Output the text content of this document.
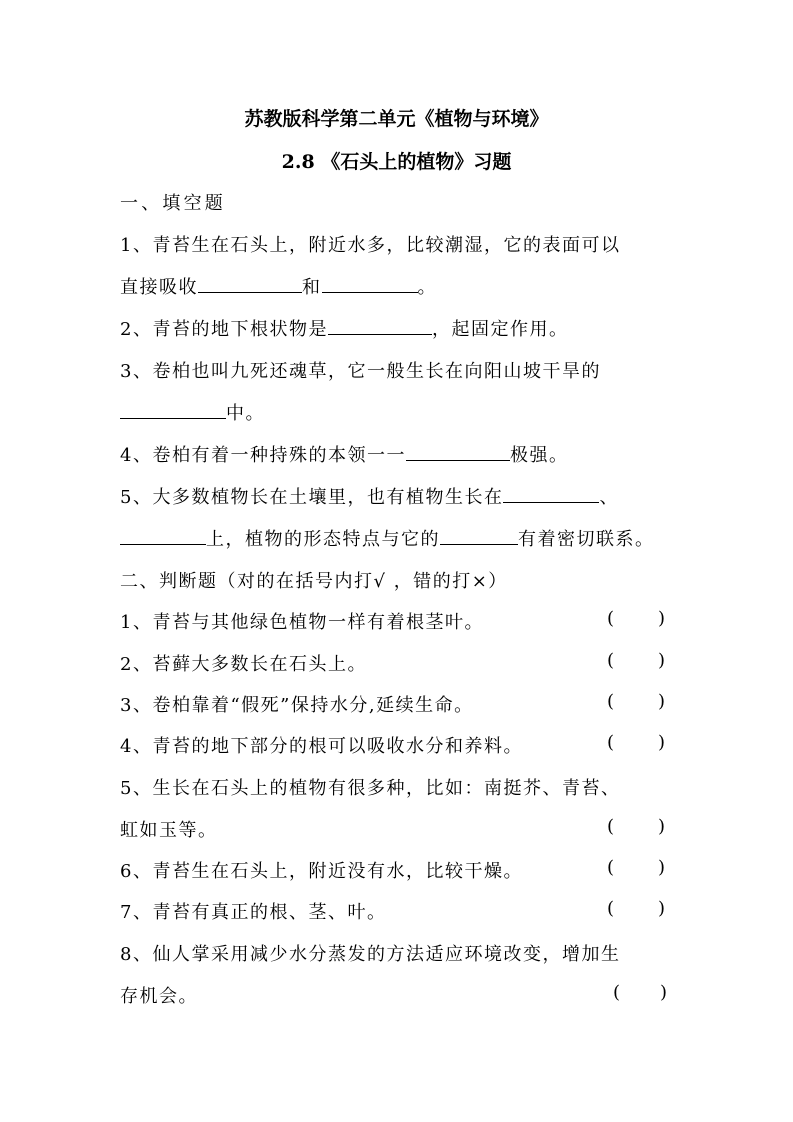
苏教版科学第二单元《植物与环境》
2.8 《石头上的植物》习题
一、填空题
1、青苔生在石头上，附近水多，比较潮湿，它的表面可以
直接吸收	和	。
2、青苔的地下根状物是	，起固定作用。
3、卷柏也叫九死还魂草，它一般生长在向阳山坡干旱的
中。
4、卷柏有着一种持殊的本领一一	极强。
5、大多数植物长在土壤里，也有植物生长在	、
上，植物的形态特点与它的	有着密切联系。
二、判断题（对的在括号内打√ ，错的打×）
1、青苔与其他绿色植物一样有着根茎叶。	( )
2、苔藓大多数长在石头上。	( )
3、卷柏靠着“假死”保持水分,延续生命。	( )
4、青苔的地下部分的根可以吸收水分和养料。	( )
5、生长在石头上的植物有很多种，比如：南挺芥、青苔、
虹如玉等。	( )
6、青苔生在石头上，附近没有水，比较干燥。	( )
7、青苔有真正的根、茎、叶。	( )
8、仙人掌采用减少水分蒸发的方法适应环境改变，增加生
存机会。	( )
